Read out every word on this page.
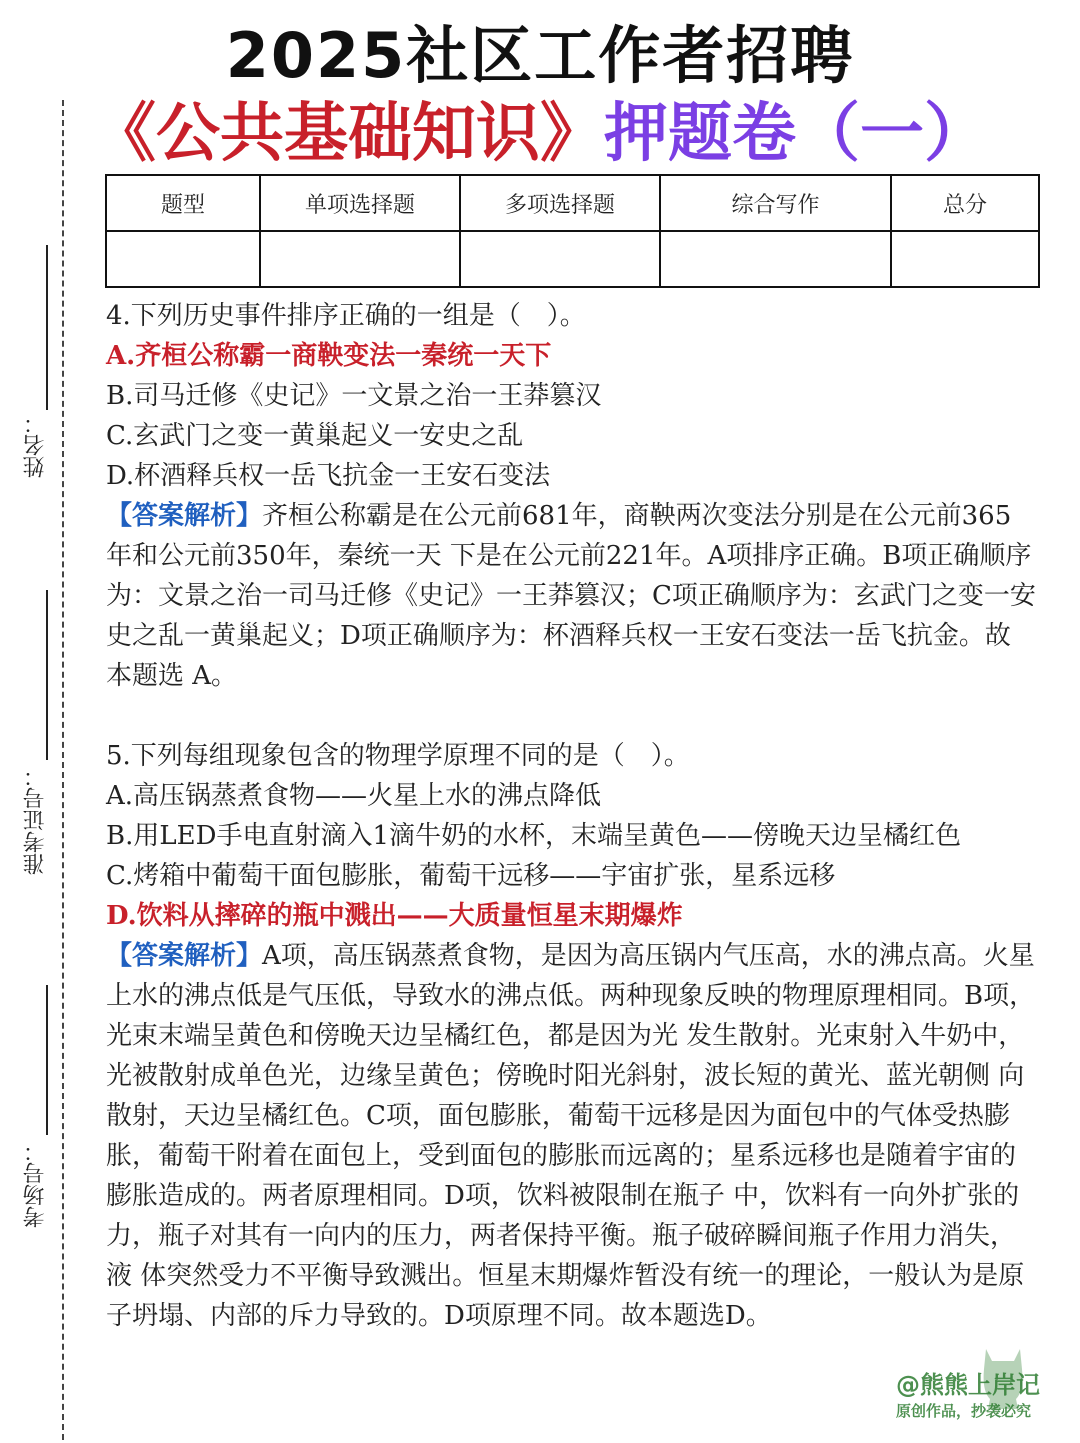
2025社区工作者招聘
《公共基础知识》押题卷（一）
题型	单项选择题	多项选择题	综合写作	总分

姓名：
准考证号：
考场号：

4.下列历史事件排序正确的一组是（　）。

A.齐桓公称霸一商鞅变法一秦统一天下

B.司马迁修《史记》一文景之治一王莽篡汉

C.玄武门之变一黄巢起义一安史之乱

D.杯酒释兵权一岳飞抗金一王安石变法

【答案解析】齐桓公称霸是在公元前681年，商鞅两次变法分别是在公元前365年和公元前350年，秦统一天 下是在公元前221年。A项排序正确。B项正确顺序为：文景之治一司马迁修《史记》一王莽篡汉；C项正确顺序为：玄武门之变一安史之乱一黄巢起义；D项正确顺序为：杯酒释兵权一王安石变法一岳飞抗金。故本题选 A。

5.下列每组现象包含的物理学原理不同的是（　）。

A.高压锅蒸煮食物——火星上水的沸点降低

B.用LED手电直射滴入1滴牛奶的水杯，末端呈黄色——傍晚天边呈橘红色

C.烤箱中葡萄干面包膨胀，葡萄干远移——宇宙扩张，星系远移

D.饮料从摔碎的瓶中溅出——大质量恒星末期爆炸

【答案解析】A项，高压锅蒸煮食物，是因为高压锅内气压高，水的沸点高。火星上水的沸点低是气压低，导致水的沸点低。两种现象反映的物理原理相同。B项，光束末端呈黄色和傍晚天边呈橘红色，都是因为光 发生散射。光束射入牛奶中，光被散射成单色光，边缘呈黄色；傍晚时阳光斜射，波长短的黄光、蓝光朝侧 向散射，天边呈橘红色。C项，面包膨胀，葡萄干远移是因为面包中的气体受热膨胀，葡萄干附着在面包上，受到面包的膨胀而远离的；星系远移也是随着宇宙的膨胀造成的。两者原理相同。D项，饮料被限制在瓶子 中，饮料有一向外扩张的力，瓶子对其有一向内的压力，两者保持平衡。瓶子破碎瞬间瓶子作用力消失，液 体突然受力不平衡导致溅出。恒星末期爆炸暂没有统一的理论，一般认为是原子坍塌、内部的斥力导致的。D项原理不同。故本题选D。

@熊熊上岸记
原创作品，抄袭必究
